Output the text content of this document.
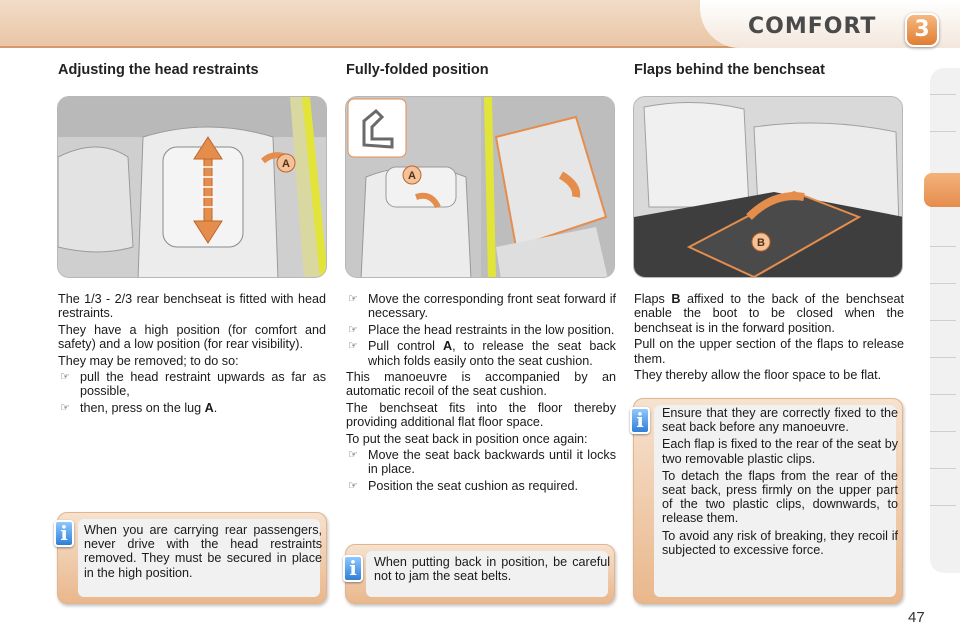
COMFORT	3
Adjusting the head restraints	Fully-folded position	Flaps behind the benchseat
A
A
B

The 1/3 - 2/3 rear benchseat is fitted with head restraints.

They have a high position (for comfort and safety) and a low position (for rear visibility).

They may be removed; to do so:

☞ pull the head restraint upwards as far as possible,
☞ then, press on the lug A.
☞ Move the corresponding front seat forward if necessary.
☞ Place the head restraints in the low position.
☞ Pull control A, to release the seat back which folds easily onto the seat cushion.

This manoeuvre is accompanied by an automatic recoil of the seat cushion.

The benchseat fits into the floor thereby providing additional flat floor space.

To put the seat back in position once again:

☞ Move the seat back backwards until it locks in place.
☞ Position the seat cushion as required.

Flaps B affixed to the back of the benchseat enable the boot to be closed when the benchseat is in the forward position.

Pull on the upper section of the flaps to release them.

They thereby allow the floor space to be flat.

i	When you are carrying rear passengers, never drive with the head restraints removed. They must be secured in place in the high position.	i	When putting back in position, be careful not to jam the seat belts.
i	Ensure that they are correctly fixed to the seat back before any manoeuvre.

Each flap is fixed to the rear of the seat by two removable plastic clips.

To detach the flaps from the rear of the seat back, press firmly on the upper part of the two plastic clips, downwards, to release them.

To avoid any risk of breaking, they recoil if subjected to excessive force.

47
